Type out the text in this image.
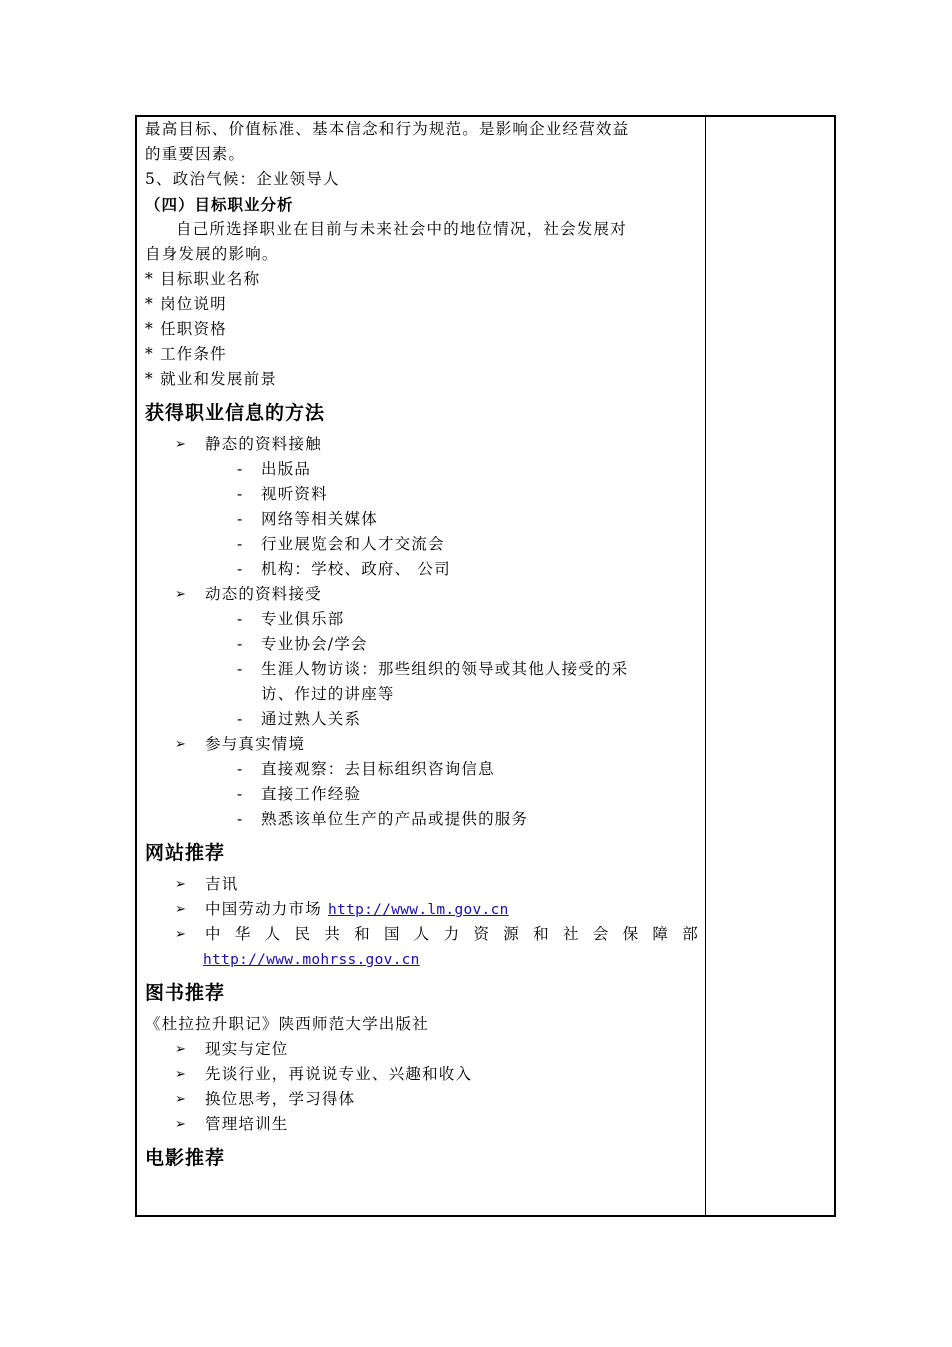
最高目标、价值标准、基本信念和行为规范。是影响企业经营效益
的重要因素。
5、政治气候：企业领导人
（四）目标职业分析
自己所选择职业在目前与未来社会中的地位情况，社会发展对
自身发展的影响。
* 目标职业名称
* 岗位说明
* 任职资格
* 工作条件
* 就业和发展前景
获得职业信息的方法
➢	静态的资料接触
- 出版品
- 视听资料
- 网络等相关媒体
- 行业展览会和人才交流会
- 机构：学校、政府、 公司
➢	动态的资料接受
- 专业俱乐部
- 专业协会/学会
- 生涯人物访谈：那些组织的领导或其他人接受的采
访、作过的讲座等
- 通过熟人关系
➢	参与真实情境
- 直接观察：去目标组织咨询信息
- 直接工作经验
- 熟悉该单位生产的产品或提供的服务
网站推荐
➢	吉讯
➢	中国劳动力市场 http://www.lm.gov.cn
➢	中 华 人 民 共 和 国 人 力 资 源 和 社 会 保 障 部
http://www.mohrss.gov.cn
图书推荐
《杜拉拉升职记》陕西师范大学出版社
➢	现实与定位
➢	先谈行业，再说说专业、兴趣和收入
➢	换位思考，学习得体
➢	管理培训生
电影推荐
